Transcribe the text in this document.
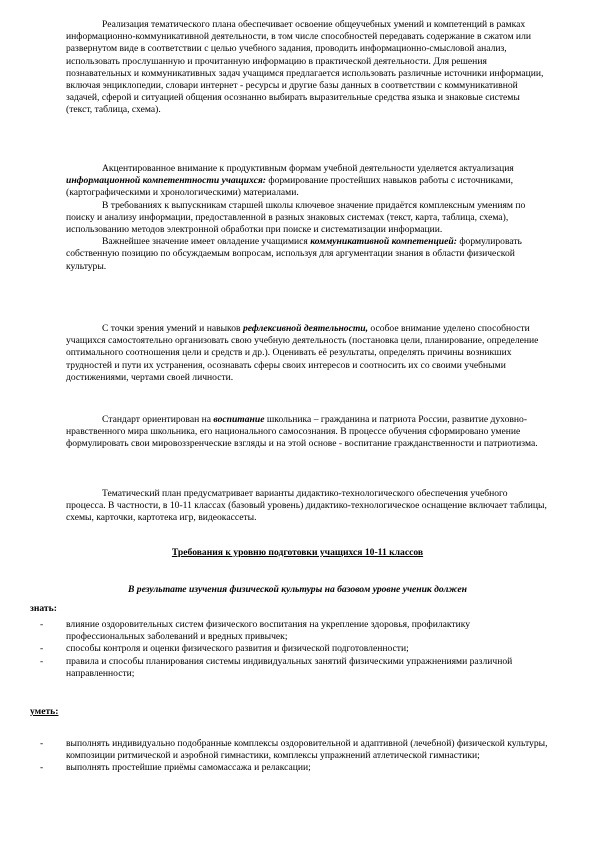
Реализация тематического плана обеспечивает освоение общеучебных умений и компетенций в рамках информационно-коммуникативной деятельности, в том числе способностей передавать содержание в сжатом или развернутом виде в соответствии с целью учебного задания, проводить информационно-смысловой анализ, использовать прослушанную и прочитанную информацию в практической деятельности. Для решения познавательных и коммуникативных задач учащимся предлагается использовать различные источники информации, включая энциклопедии, словари интернет - ресурсы и другие базы данных в соответствии с коммуникативной задачей, сферой и ситуацией общения осознанно выбирать выразительные средства языка и знаковые системы (текст, таблица, схема).

Акцентированное внимание к продуктивным формам учебной деятельности уделяется актуализация информационной компетентности учащихся: формирование простейших навыков работы с источниками, (картографическими и хронологическими) материалами.

В требованиях к выпускникам старшей школы ключевое значение придаётся комплексным умениям по поиску и анализу информации, предоставленной в разных знаковых системах (текст, карта, таблица, схема), использованию методов электронной обработки при поиске и систематизации информации.

Важнейшее значение имеет овладение учащимися коммуникативной компетенцией: формулировать собственную позицию по обсуждаемым вопросам, используя для аргументации знания в области физической культуры.

С точки зрения умений и навыков рефлексивной деятельности, особое внимание уделено способности учащихся самостоятельно организовать свою учебную деятельность (постановка цели, планирование, определение оптимального соотношения цели и средств и др.). Оценивать её результаты, определять причины возникших трудностей и пути их устранения, осознавать сферы своих интересов и соотносить их со своими учебными достижениями, чертами своей личности.

Стандарт ориентирован на воспитание школьника – гражданина и патриота России, развитие духовно-нравственного мира школьника, его национального самосознания. В процессе обучения сформировано умение формулировать свои мировоззренческие взгляды и на этой основе - воспитание гражданственности и патриотизма.

Тематический план предусматривает варианты дидактико-технологического обеспечения учебного процесса. В частности, в 10-11 классах (базовый уровень) дидактико-технологическое оснащение включает таблицы, схемы, карточки, картотека игр, видеокассеты.

Требования к уровню подготовки учащихся 10-11 классов
В результате изучения физической культуры на базовом уровне ученик должен
знать:
- влияние оздоровительных систем физического воспитания на укрепление здоровья, профилактику профессиональных заболеваний и вредных привычек;
- способы контроля и оценки физического развития и физической подготовленности;
- правила и способы планирования системы индивидуальных занятий физическими упражнениями различной направленности;
уметь:
- выполнять индивидуально подобранные комплексы оздоровительной и адаптивной (лечебной) физической культуры, композиции ритмической и аэробной гимнастики, комплексы упражнений атлетической гимнастики;
- выполнять простейшие приёмы самомассажа и релаксации;
